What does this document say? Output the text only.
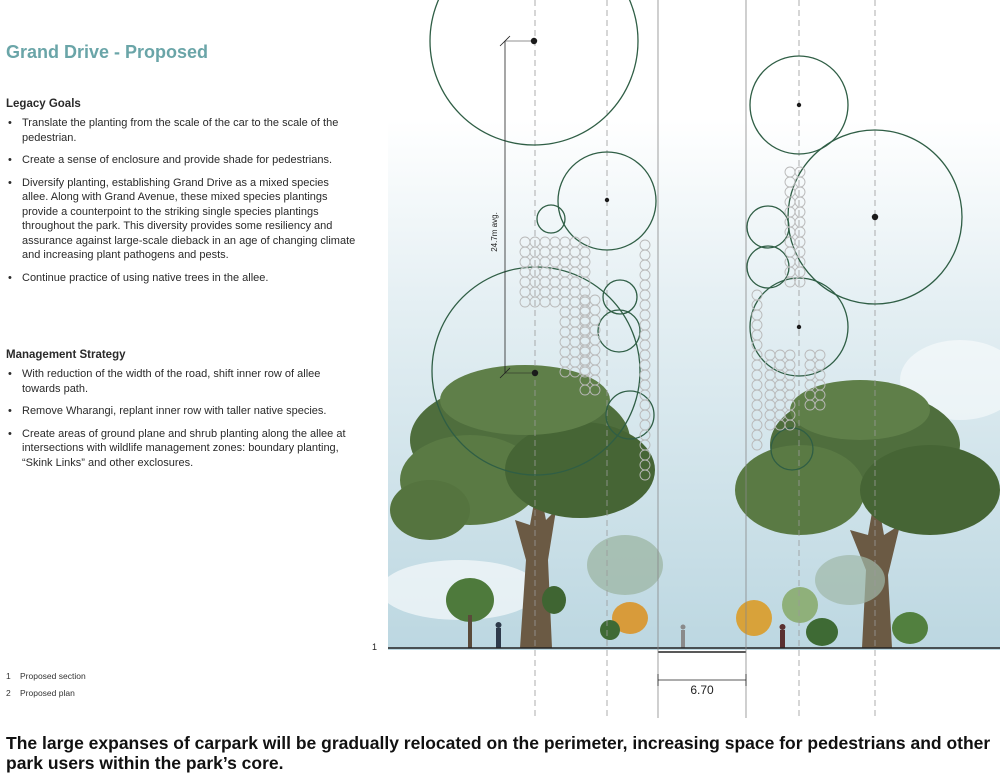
Grand Drive - Proposed
Legacy Goals
• Translate the planting from the scale of the car to the scale of the pedestrian.
• Create a sense of enclosure and provide shade for pedestrians.
• Diversify planting, establishing Grand Drive as a mixed species allee. Along with Grand Avenue, these mixed species plantings provide a counterpoint to the striking single species plantings throughout the park. This diversity provides some resiliency and assurance against large-scale dieback in an age of changing climate and increasing plant pathogens and pests.
• Continue practice of using native trees in the allee.
Management Strategy
• With reduction of the width of the road, shift inner row of allee towards path.
• Remove Wharangi, replant inner row with taller native species.
• Create areas of ground plane and shrub planting along the allee at intersections with wildlife management zones: boundary planting, “Skink Links” and other exclosures.
1 Proposed section
2 Proposed plan
1
6.70
24.7m avg.
The large expanses of carpark will be gradually relocated on the perimeter, increasing space for pedestrians and other park users within the park’s core.
